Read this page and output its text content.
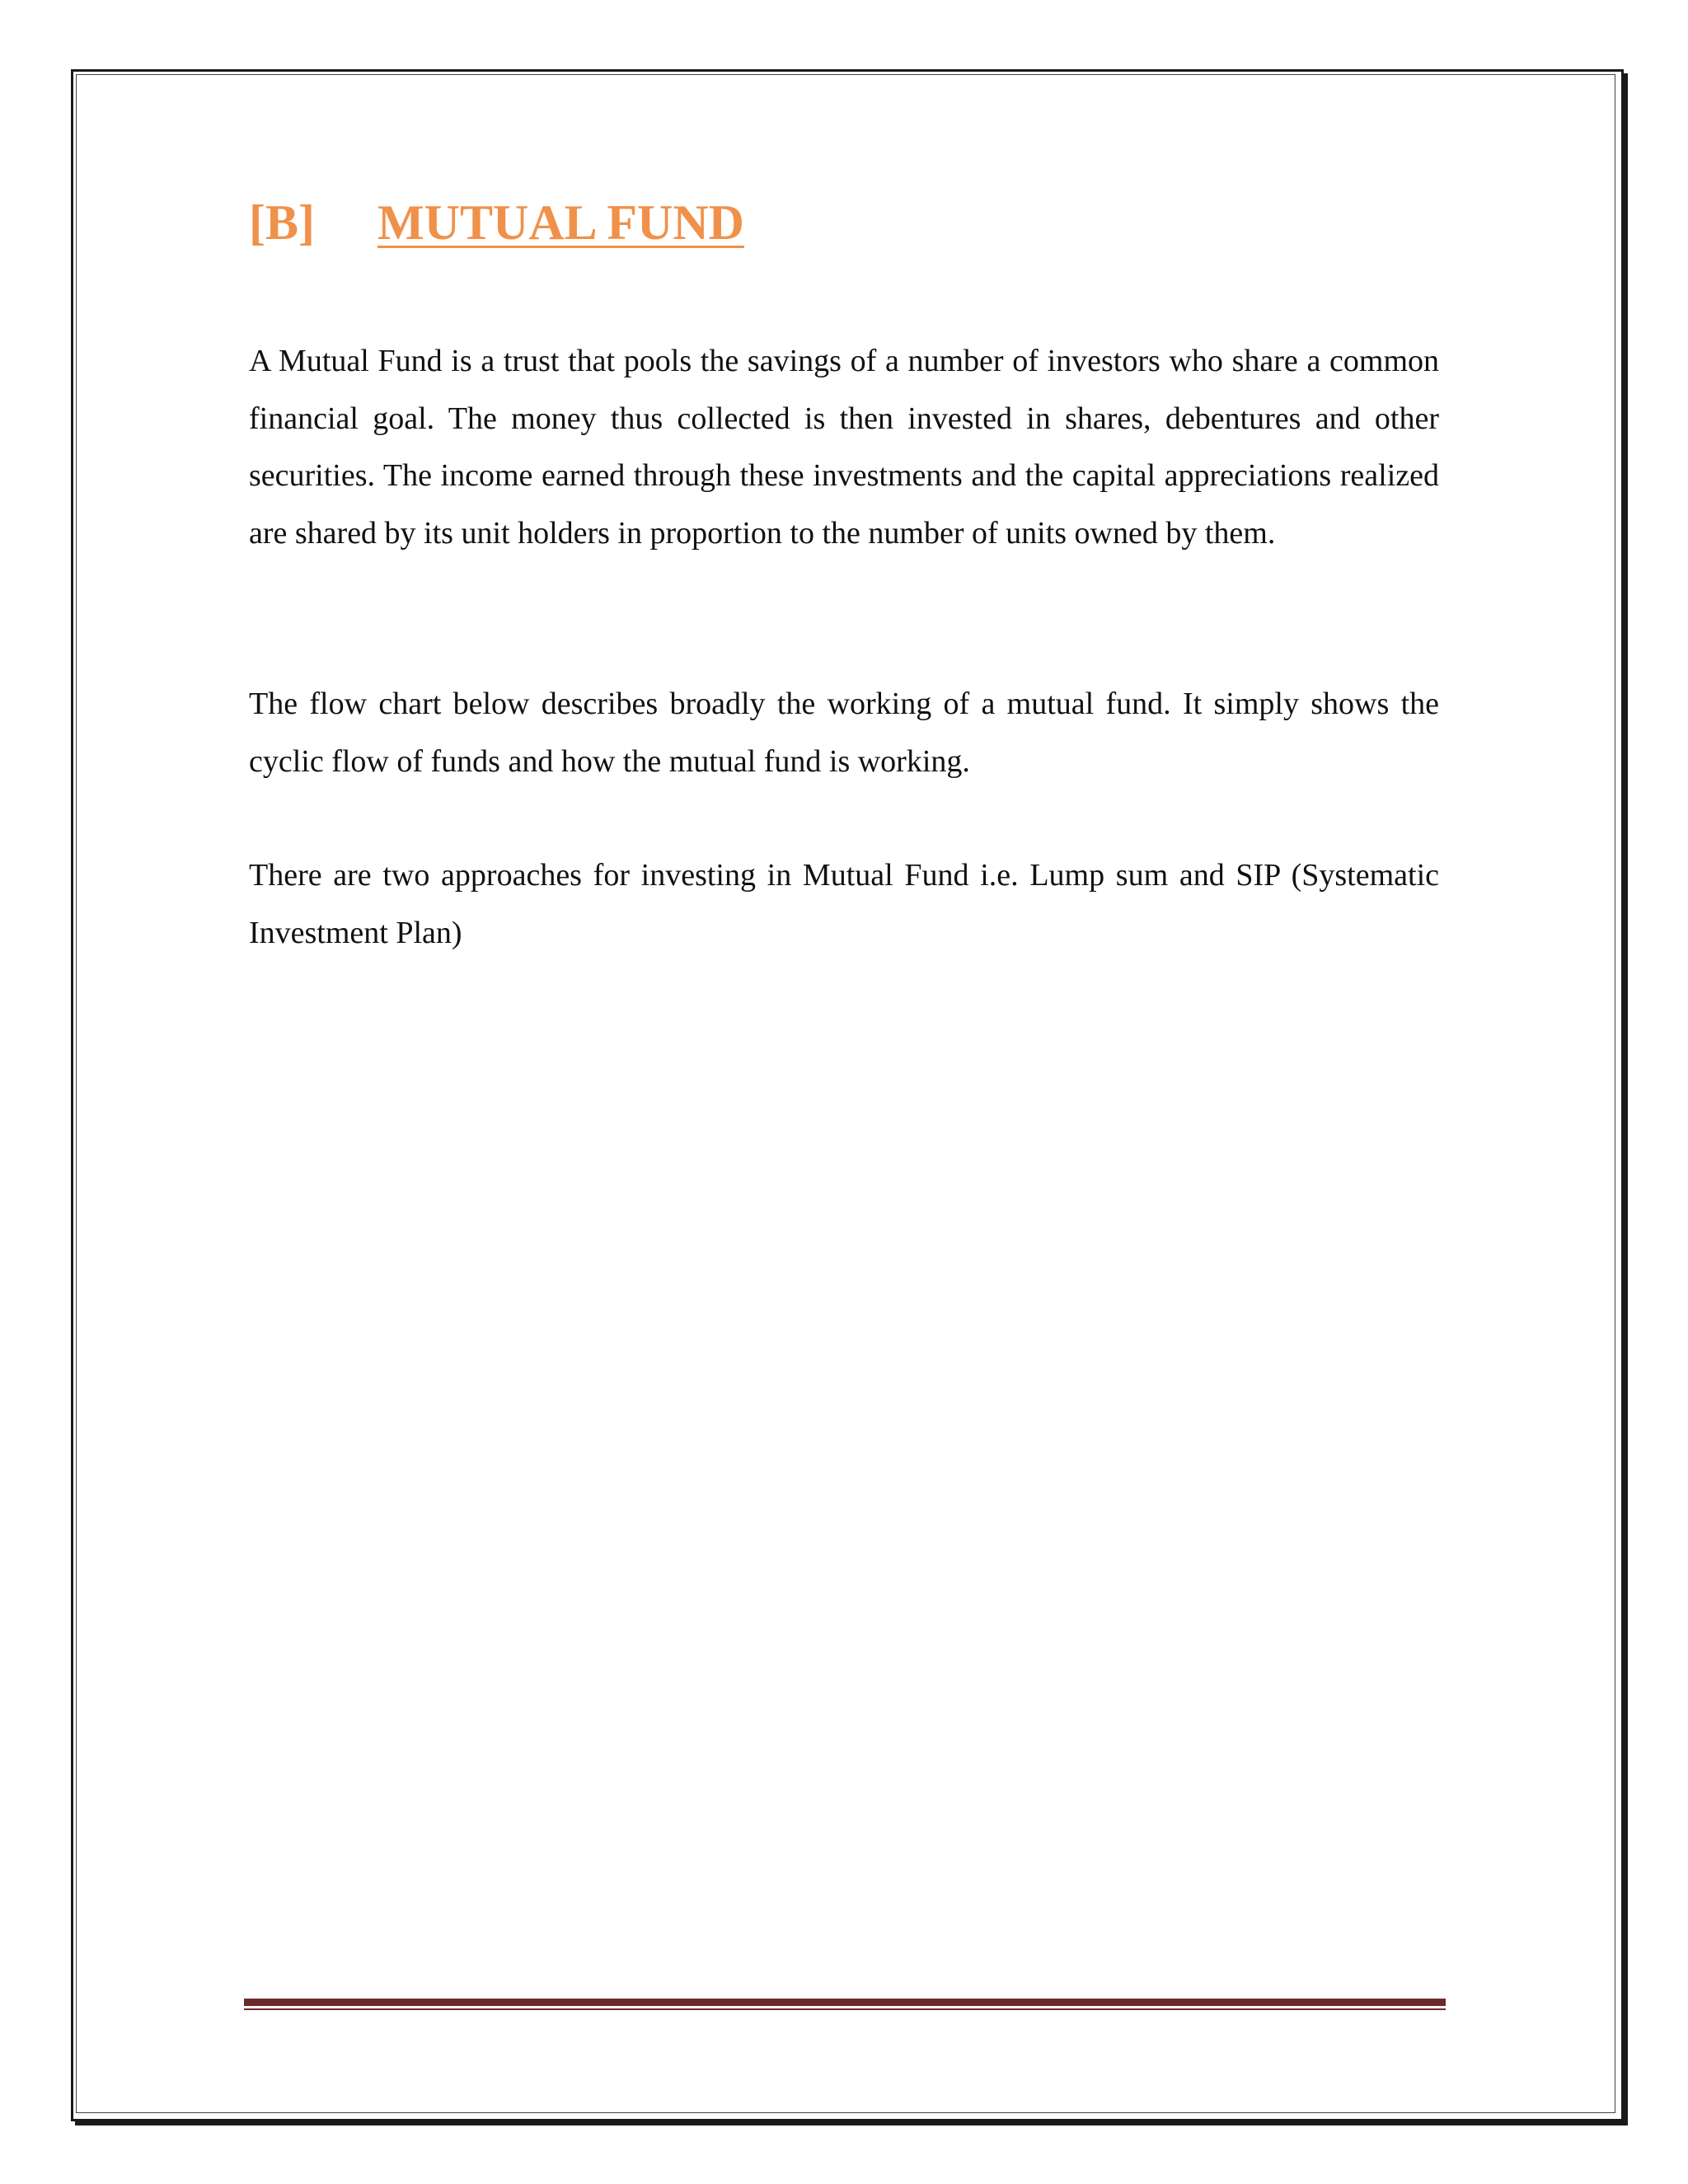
[B] MUTUAL FUND

A Mutual Fund is a trust that pools the savings of a number of investors who share a common financial goal. The money thus collected is then invested in shares, debentures and other securities. The income earned through these investments and the capital appreciations realized are shared by its unit holders in proportion to the number of units owned by them.

The flow chart below describes broadly the working of a mutual fund. It simply shows the cyclic flow of funds and how the mutual fund is working.

There are two approaches for investing in Mutual Fund i.e. Lump sum and SIP (Systematic Investment Plan)
